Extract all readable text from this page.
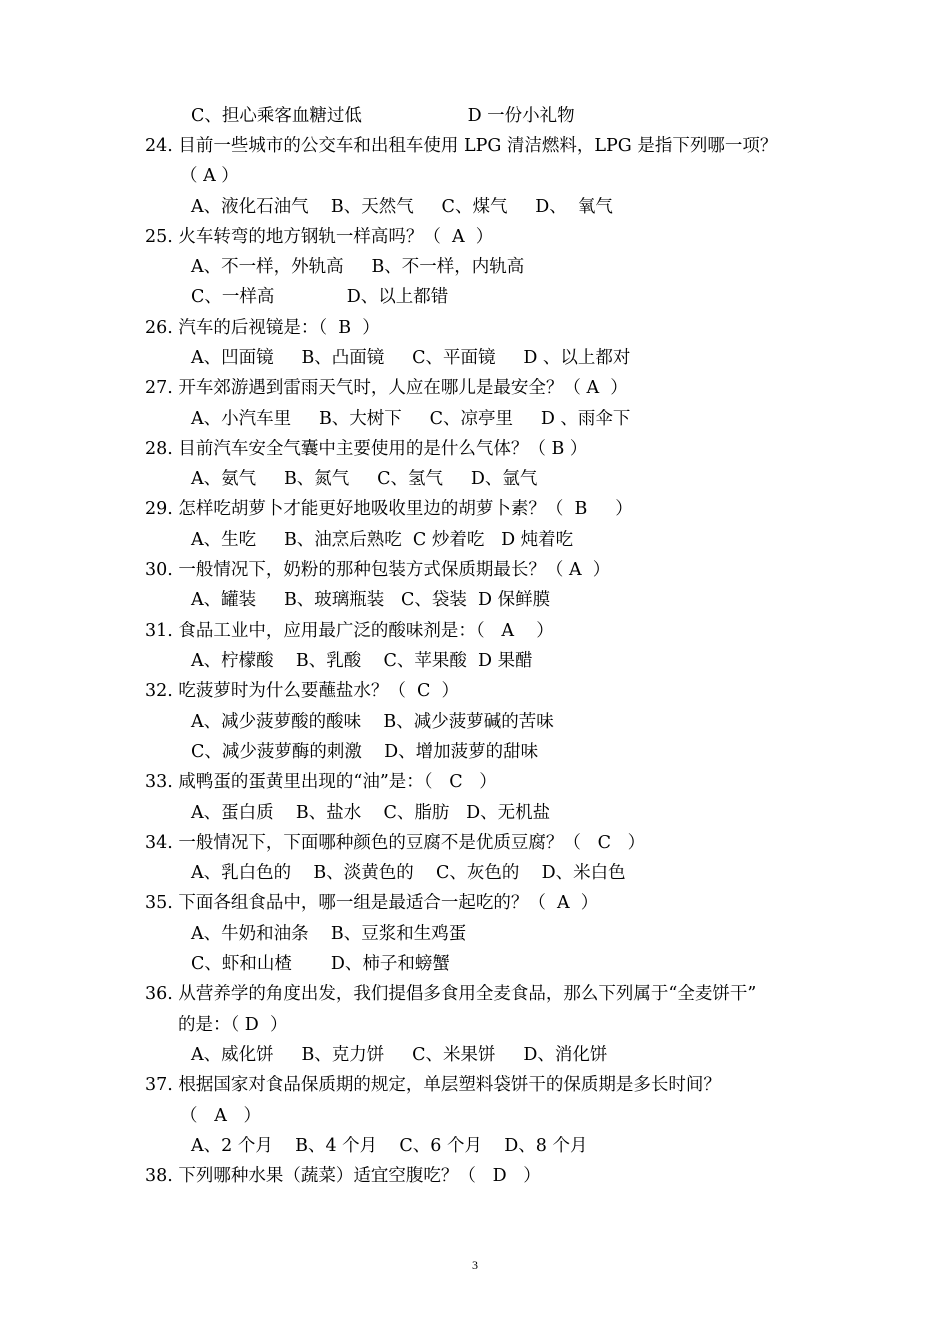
C、担心乘客血糖过低                   D 一份小礼物
24. 目前一些城市的公交车和出租车使用 LPG 清洁燃料，LPG 是指下列哪一项？
（ A ）
A、液化石油气    B、天然气     C、煤气     D、  氧气
25. 火车转弯的地方钢轨一样高吗？（  A  ）
A、不一样，外轨高     B、不一样，内轨高
C、一样高             D、以上都错
26. 汽车的后视镜是：（  B  ）
A、凹面镜     B、凸面镜     C、平面镜     D 、以上都对
27. 开车郊游遇到雷雨天气时，人应在哪儿是最安全？（ A  ）
A、小汽车里     B、大树下     C、凉亭里     D 、雨伞下
28. 目前汽车安全气囊中主要使用的是什么气体？（ B ）
A、氨气     B、氮气     C、氢气     D、氩气
29. 怎样吃胡萝卜才能更好地吸收里边的胡萝卜素？（  B     ）
A、生吃     B、油烹后熟吃  C 炒着吃   D 炖着吃
30. 一般情况下，奶粉的那种包装方式保质期最长？（ A  ）
A、罐装     B、玻璃瓶装   C、袋装  D 保鲜膜
31. 食品工业中，应用最广泛的酸味剂是：（   A    ）
A、柠檬酸    B、乳酸    C、苹果酸  D 果醋
32. 吃菠萝时为什么要蘸盐水？（  C  ）
A、减少菠萝酸的酸味    B、减少菠萝碱的苦味
C、减少菠萝酶的刺激    D、增加菠萝的甜味
33. 咸鸭蛋的蛋黄里出现的“油”是：（   C   ）
A、蛋白质    B、盐水    C、脂肪   D、无机盐
34. 一般情况下，下面哪种颜色的豆腐不是优质豆腐？（   C   ）
A、乳白色的    B、淡黄色的    C、灰色的    D、米白色
35. 下面各组食品中，哪一组是最适合一起吃的？（  A  ）
A、牛奶和油条    B、豆浆和生鸡蛋
C、虾和山楂       D、柿子和螃蟹
36. 从营养学的角度出发，我们提倡多食用全麦食品，那么下列属于“全麦饼干”
的是：（ D  ）
A、威化饼     B、克力饼     C、米果饼     D、消化饼
37. 根据国家对食品保质期的规定，单层塑料袋饼干的保质期是多长时间？
（   A   ）
A、2 个月    B、4 个月    C、6 个月    D、8 个月
38. 下列哪种水果（蔬菜）适宜空腹吃？（   D   ）
3
